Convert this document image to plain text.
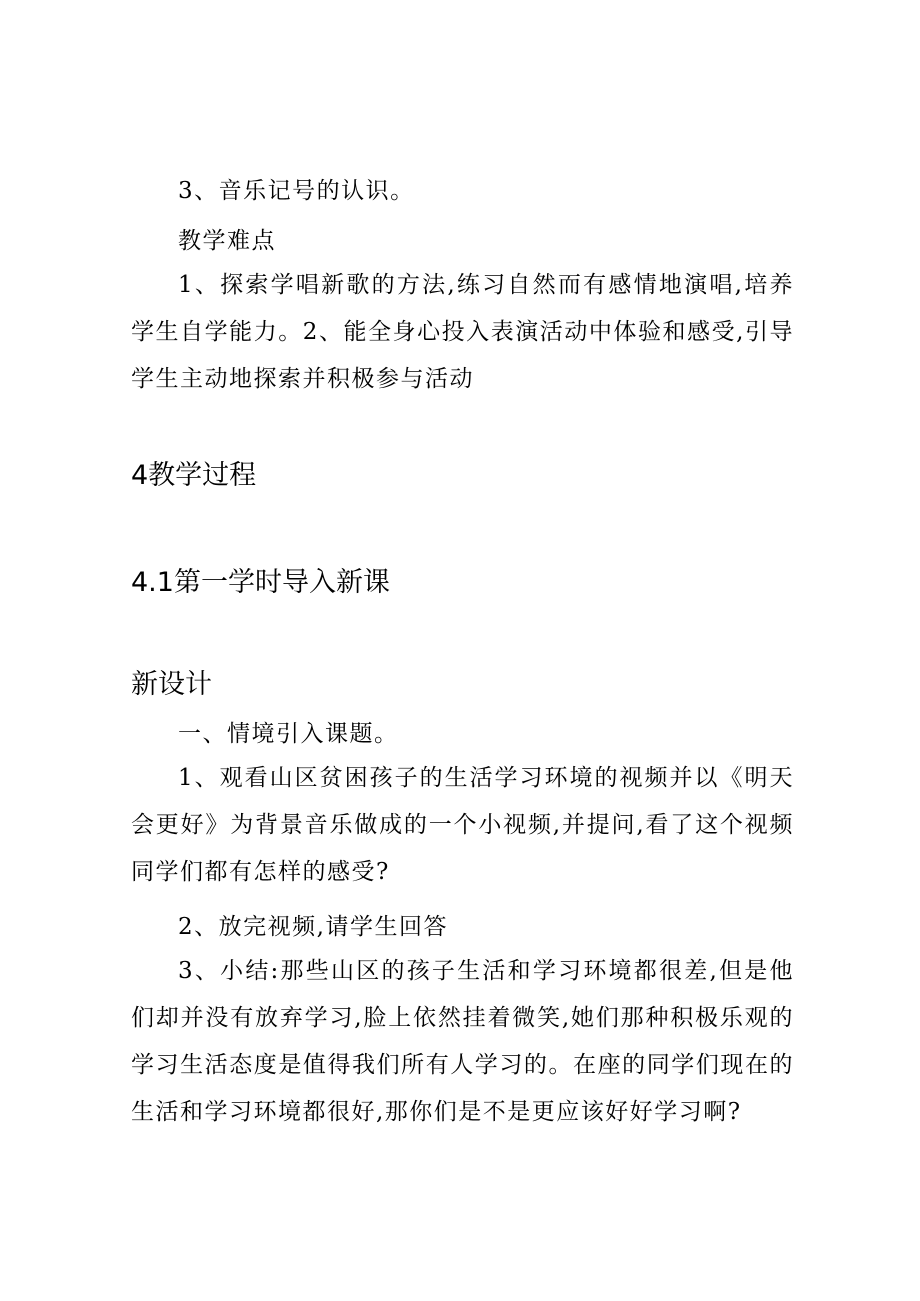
3、音乐记号的认识。
教学难点

1、探索学唱新歌的方法,练习自然而有感情地演唱,培养学生自学能力。2、能全身心投入表演活动中体验和感受,引导学生主动地探索并积极参与活动

4教学过程
4.1第一学时导入新课
新设计
一、情境引入课题。

1、观看山区贫困孩子的生活学习环境的视频并以《明天会更好》为背景音乐做成的一个小视频,并提问,看了这个视频同学们都有怎样的感受?

2、放完视频,请学生回答

3、小结:那些山区的孩子生活和学习环境都很差,但是他们却并没有放弃学习,脸上依然挂着微笑,她们那种积极乐观的学习生活态度是值得我们所有人学习的。在座的同学们现在的生活和学习环境都很好,那你们是不是更应该好好学习啊?
